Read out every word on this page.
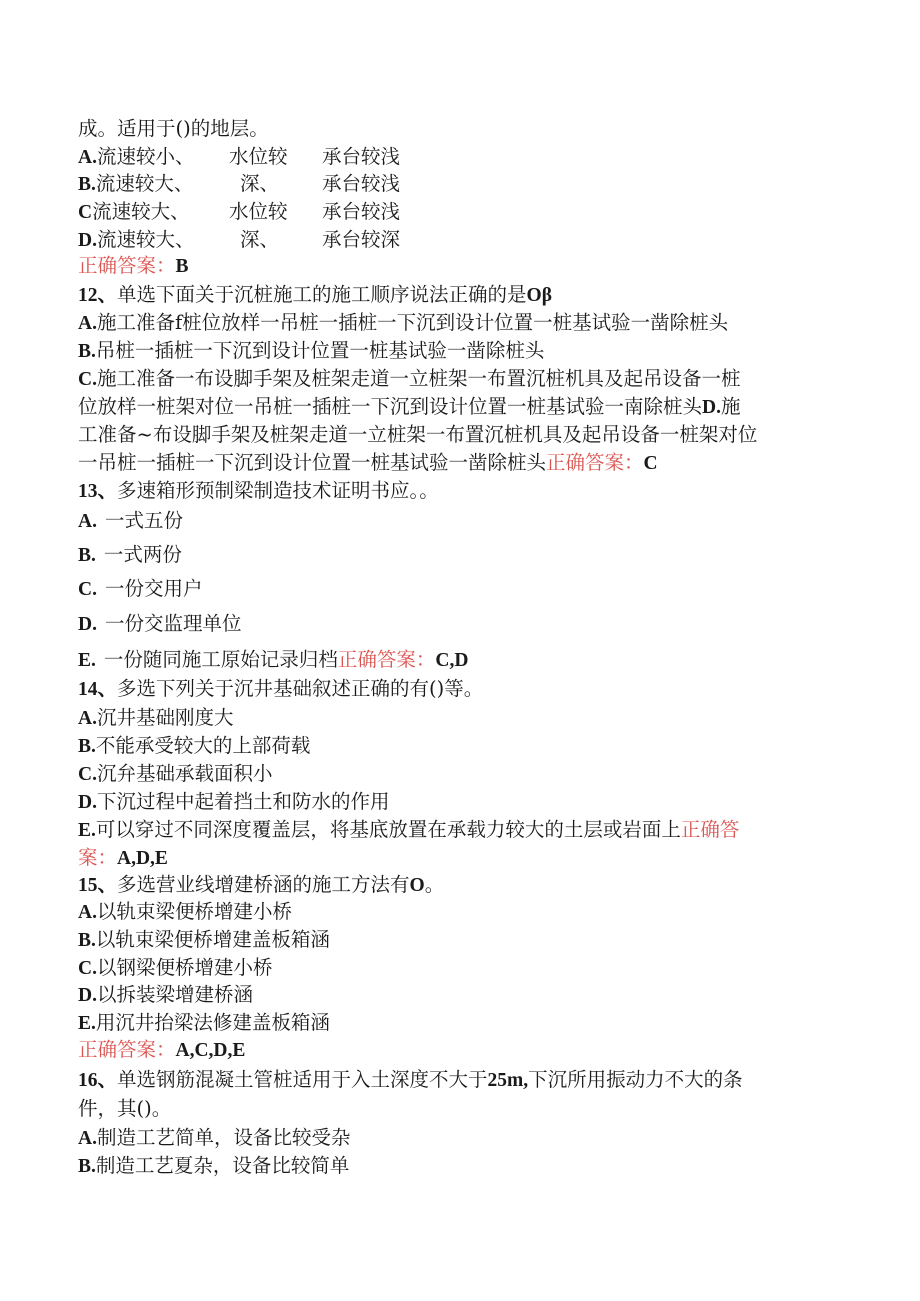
成。适用于()的地层。
A.流速较小、 水位较 承台较浅
B.流速较大、 深、 承台较浅
C流速较大、 水位较 承台较浅
D.流速较大、 深、 承台较深
正确答案：B
12、单选下面关于沉桩施工的施工顺序说法正确的是Oβ
A.施工准备f桩位放样一吊桩一插桩一下沉到设计位置一桩基试验一凿除桩头
B.吊桩一插桩一下沉到设计位置一桩基试验一凿除桩头
C.施工准备一布设脚手架及桩架走道一立桩架一布置沉桩机具及起吊设备一桩
位放样一桩架对位一吊桩一插桩一下沉到设计位置一桩基试验一南除桩头D.施
工准备~布设脚手架及桩架走道一立桩架一布置沉桩机具及起吊设备一桩架对位
一吊桩一插桩一下沉到设计位置一桩基试验一凿除桩头正确答案：C
13、多速箱形预制梁制造技术证明书应。。
A. 一式五份
B. 一式两份
C. 一份交用户
D. 一份交监理单位
E. 一份随同施工原始记录归档正确答案：C,D
14、多选下列关于沉井基础叙述正确的有()等。
A.沉井基础刚度大
B.不能承受较大的上部荷载
C.沉弁基础承载面积小
D.下沉过程中起着挡土和防水的作用
E.可以穿过不同深度覆盖层，将基底放置在承载力较大的土层或岩面上正确答
案：A,D,E
15、多选营业线增建桥涵的施工方法有O。
A.以轨束梁便桥增建小桥
B.以轨束梁便桥增建盖板箱涵
C.以钢梁便桥增建小桥
D.以拆装梁增建桥涵
E.用沉井抬梁法修建盖板箱涵
正确答案：A,C,D,E
16、单选钢筋混凝土管桩适用于入土深度不大于25m,下沉所用振动力不大的条
件，其()。
A.制造工艺简单，设备比较受杂
B.制造工艺夏杂，设备比较简单
